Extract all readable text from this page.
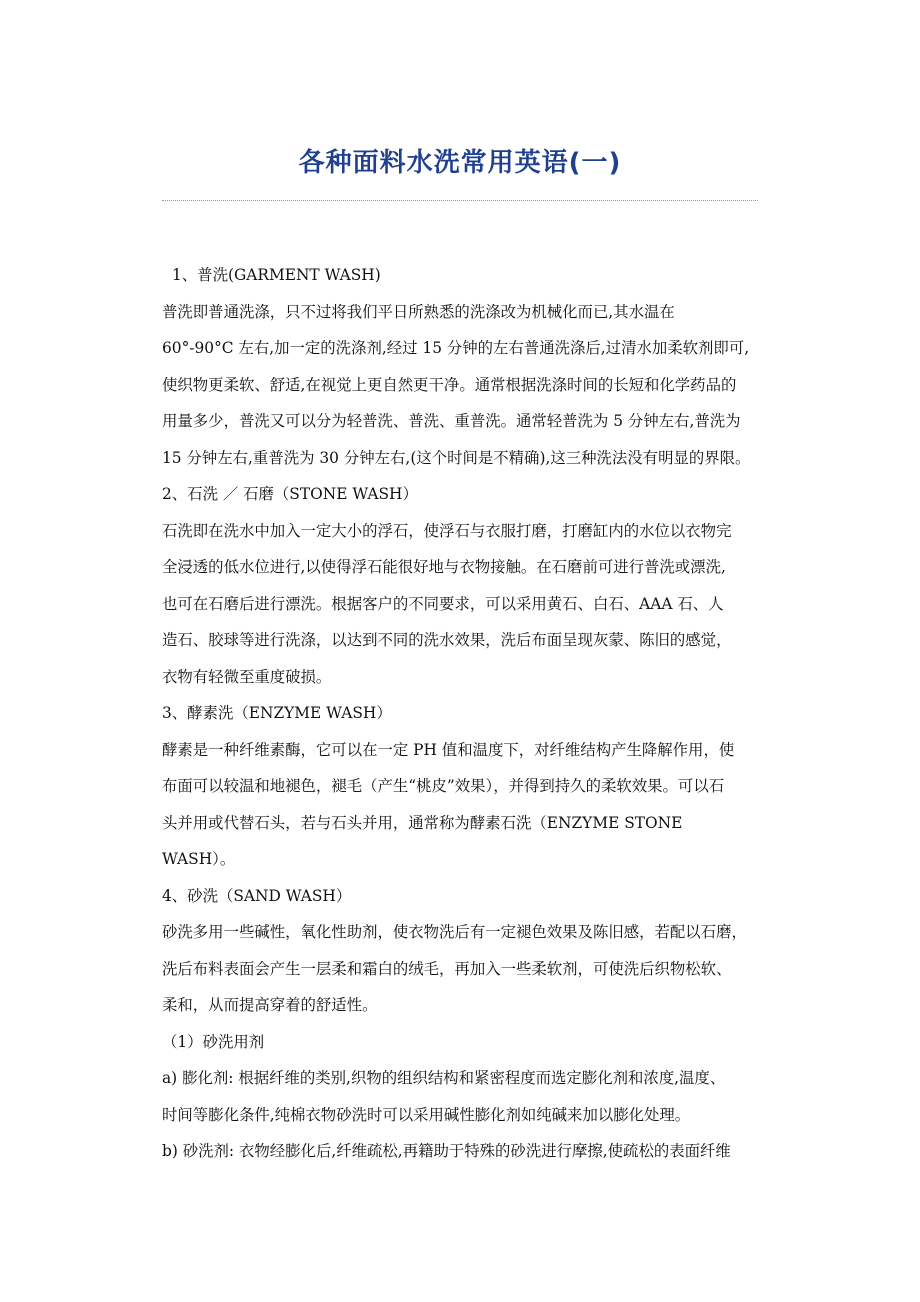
各种面料水洗常用英语(一)
1、普洗(GARMENT WASH)
普洗即普通洗涤，只不过将我们平日所熟悉的洗涤改为机械化而已,其水温在
60°-90°C 左右,加一定的洗涤剂,经过 15 分钟的左右普通洗涤后,过清水加柔软剂即可,
使织物更柔软、舒适,在视觉上更自然更干净。通常根据洗涤时间的长短和化学药品的
用量多少，普洗又可以分为轻普洗、普洗、重普洗。通常轻普洗为 5 分钟左右,普洗为
15 分钟左右,重普洗为 30 分钟左右,(这个时间是不精确),这三种洗法没有明显的界限。
2、石洗 ／ 石磨（STONE WASH）
石洗即在洗水中加入一定大小的浮石，使浮石与衣服打磨，打磨缸内的水位以衣物完
全浸透的低水位进行,以使得浮石能很好地与衣物接触。在石磨前可进行普洗或漂洗,
也可在石磨后进行漂洗。根据客户的不同要求，可以采用黄石、白石、AAA 石、人
造石、胶球等进行洗涤，以达到不同的洗水效果，洗后布面呈现灰蒙、陈旧的感觉，
衣物有轻微至重度破损。
3、酵素洗（ENZYME WASH）
酵素是一种纤维素酶，它可以在一定 PH 值和温度下，对纤维结构产生降解作用，使
布面可以较温和地褪色，褪毛（产生“桃皮”效果），并得到持久的柔软效果。可以石
头并用或代替石头，若与石头并用，通常称为酵素石洗（ENZYME STONE
WASH）。
4、砂洗（SAND WASH）
砂洗多用一些碱性，氧化性助剂，使衣物洗后有一定褪色效果及陈旧感，若配以石磨，
洗后布料表面会产生一层柔和霜白的绒毛，再加入一些柔软剂，可使洗后织物松软、
柔和，从而提高穿着的舒适性。
（1）砂洗用剂
a) 膨化剂: 根据纤维的类别,织物的组织结构和紧密程度而选定膨化剂和浓度,温度、
时间等膨化条件,纯棉衣物砂洗时可以采用碱性膨化剂如纯碱来加以膨化处理。
b) 砂洗剂: 衣物经膨化后,纤维疏松,再籍助于特殊的砂洗进行摩擦,使疏松的表面纤维
